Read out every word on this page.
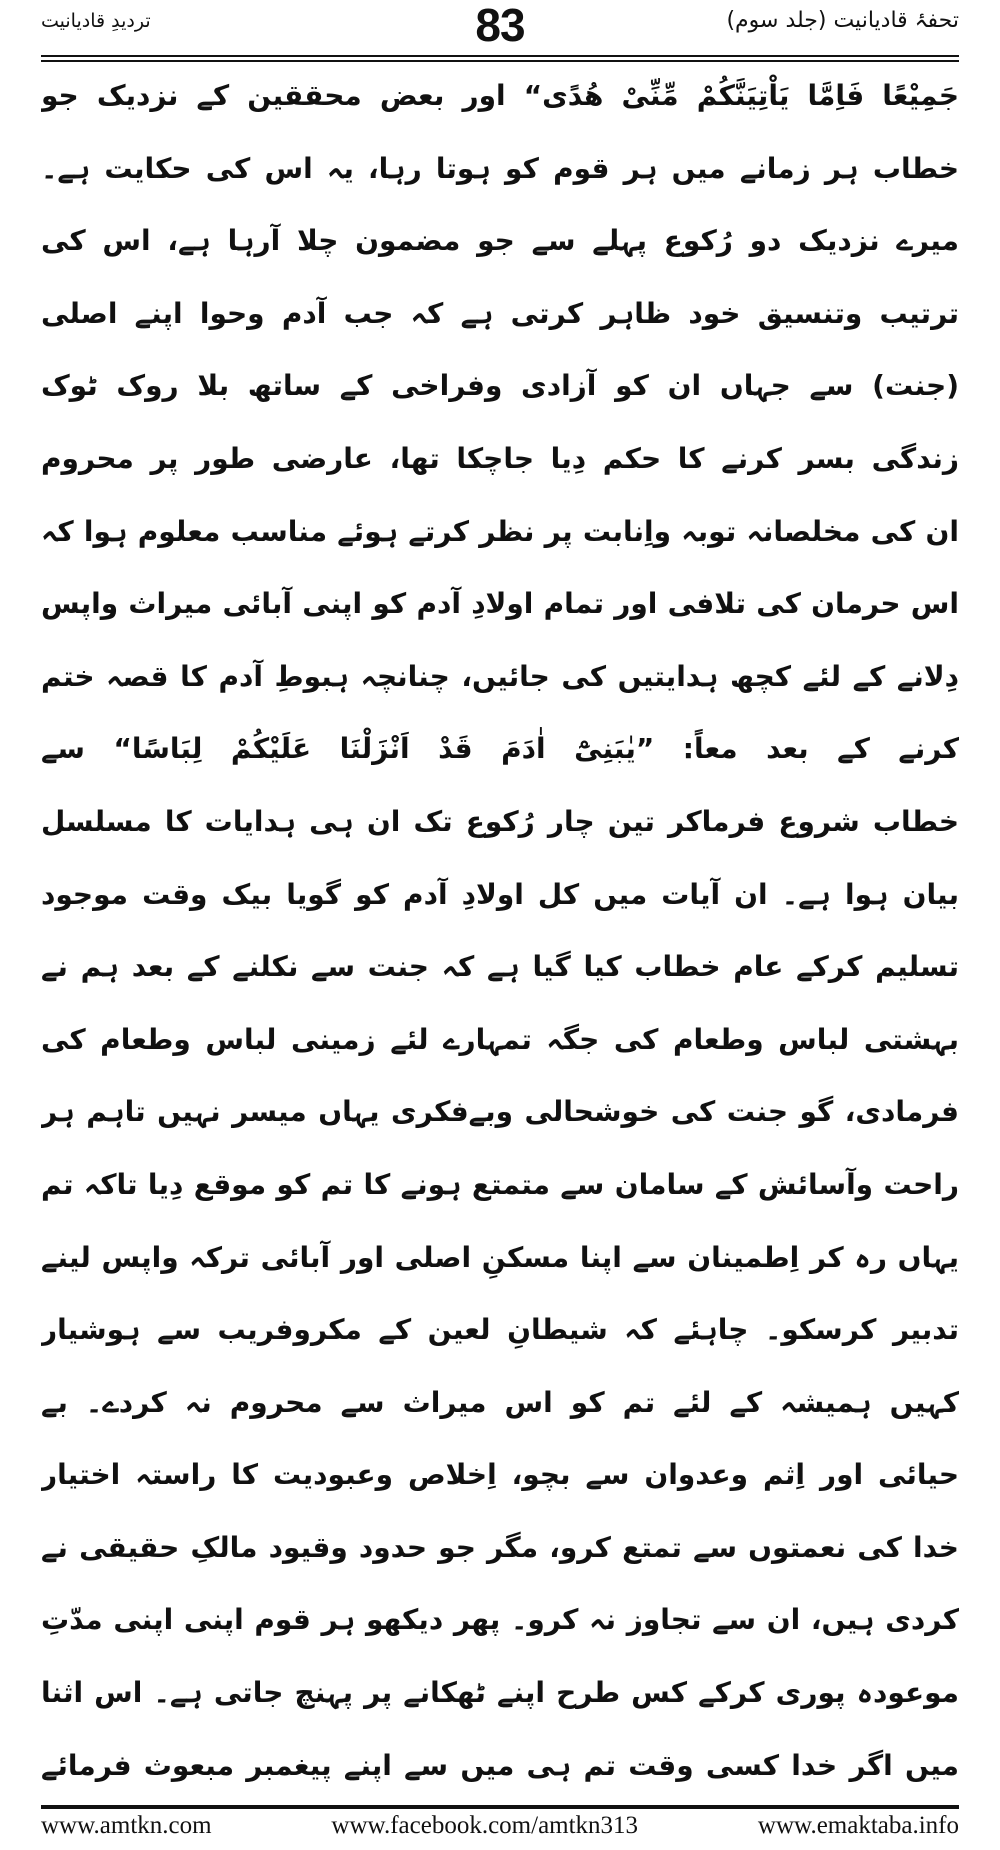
تحفۂ قادیانیت (جلد سوم)
83
تردیدِ قادیانیت
جَمِیْعًا فَاِمَّا یَاْتِیَنَّکُمْ مِّنِّیْ ھُدًی“ اور بعض محققین کے نزدیک جو
خطاب ہر زمانے میں ہر قوم کو ہوتا رہا، یہ اس کی حکایت ہے۔
میرے نزدیک دو رُکوع پہلے سے جو مضمون چلا آرہا ہے، اس کی
ترتیب وتنسیق خود ظاہر کرتی ہے کہ جب آدم وحوا اپنے اصلی
(جنت) سے جہاں ان کو آزادی وفراخی کے ساتھ بلا روک ٹوک
زندگی بسر کرنے کا حکم دِیا جاچکا تھا، عارضی طور پر محروم
ان کی مخلصانہ توبہ واِنابت پر نظر کرتے ہوئے مناسب معلوم ہوا کہ
اس حرمان کی تلافی اور تمام اولادِ آدم کو اپنی آبائی میراث واپس
دِلانے کے لئے کچھ ہدایتیں کی جائیں، چنانچہ ہبوطِ آدم کا قصہ ختم
کرنے کے بعد معاً: ”یٰبَنِیْٓ اٰدَمَ قَدْ اَنْزَلْنَا عَلَیْکُمْ لِبَاسًا“ سے
خطاب شروع فرماکر تین چار رُکوع تک ان ہی ہدایات کا مسلسل
بیان ہوا ہے۔ ان آیات میں کل اولادِ آدم کو گویا بیک وقت موجود
تسلیم کرکے عام خطاب کیا گیا ہے کہ جنت سے نکلنے کے بعد ہم نے
بہشتی لباس وطعام کی جگہ تمہارے لئے زمینی لباس وطعام کی
فرمادی، گو جنت کی خوشحالی وبےفکری یہاں میسر نہیں تاہم ہر
راحت وآسائش کے سامان سے متمتع ہونے کا تم کو موقع دِیا تاکہ تم
یہاں رہ کر اِطمینان سے اپنا مسکنِ اصلی اور آبائی ترکہ واپس لینے
تدبیر کرسکو۔ چاہئے کہ شیطانِ لعین کے مکروفریب سے ہوشیار
کہیں ہمیشہ کے لئے تم کو اس میراث سے محروم نہ کردے۔ بے
حیائی اور اِثم وعدوان سے بچو، اِخلاص وعبودیت کا راستہ اختیار
خدا کی نعمتوں سے تمتع کرو، مگر جو حدود وقیود مالکِ حقیقی نے
کردی ہیں، ان سے تجاوز نہ کرو۔ پھر دیکھو ہر قوم اپنی اپنی مدّتِ
موعودہ پوری کرکے کس طرح اپنے ٹھکانے پر پہنچ جاتی ہے۔ اس اثنا
میں اگر خدا کسی وقت تم ہی میں سے اپنے پیغمبر مبعوث فرمائے
www.amtkn.com	www.facebook.com/amtkn313	www.emaktaba.info
